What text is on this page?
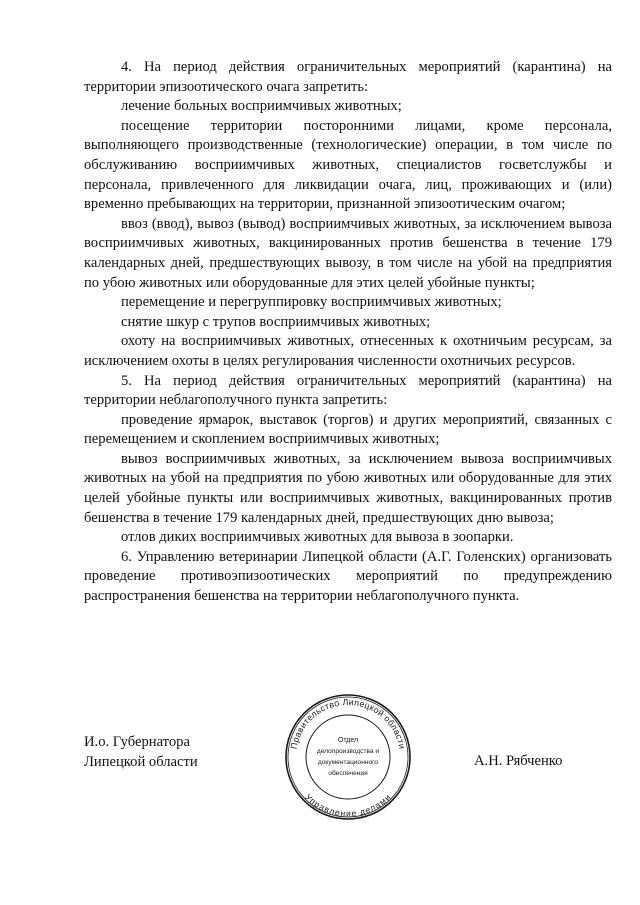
4. На период действия ограничительных мероприятий (карантина) на территории эпизоотического очага запретить:

лечение больных восприимчивых животных;

посещение территории посторонними лицами, кроме персонала, выполняющего производственные (технологические) операции, в том числе по обслуживанию восприимчивых животных, специалистов госветслужбы и персонала, привлеченного для ликвидации очага, лиц, проживающих и (или) временно пребывающих на территории, признанной эпизоотическим очагом;

ввоз (ввод), вывоз (вывод) восприимчивых животных, за исключением вывоза восприимчивых животных, вакцинированных против бешенства в течение 179 календарных дней, предшествующих вывозу, в том числе на убой на предприятия по убою животных или оборудованные для этих целей убойные пункты;

перемещение и перегруппировку восприимчивых животных;

снятие шкур с трупов восприимчивых животных;

охоту на восприимчивых животных, отнесенных к охотничьим ресурсам, за исключением охоты в целях регулирования численности охотничьих ресурсов.

5. На период действия ограничительных мероприятий (карантина) на территории неблагополучного пункта запретить:

проведение ярмарок, выставок (торгов) и других мероприятий, связанных с перемещением и скоплением восприимчивых животных;

вывоз восприимчивых животных, за исключением вывоза восприимчивых животных на убой на предприятия по убою животных или оборудованные для этих целей убойные пункты или восприимчивых животных, вакцинированных против бешенства в течение 179 календарных дней, предшествующих дню вывоза;

отлов диких восприимчивых животных для вывоза в зоопарки.

6. Управлению ветеринарии Липецкой области (А.Г. Голенских) организовать проведение противоэпизоотических мероприятий по предупреждению распространения бешенства на территории неблагополучного пункта.

И.о. Губернатора
Липецкой области	А.Н. Рябченко
Правительство Липецкой области
Управление делами
Отдел
делопроизводства и
документационного
обеспечения
